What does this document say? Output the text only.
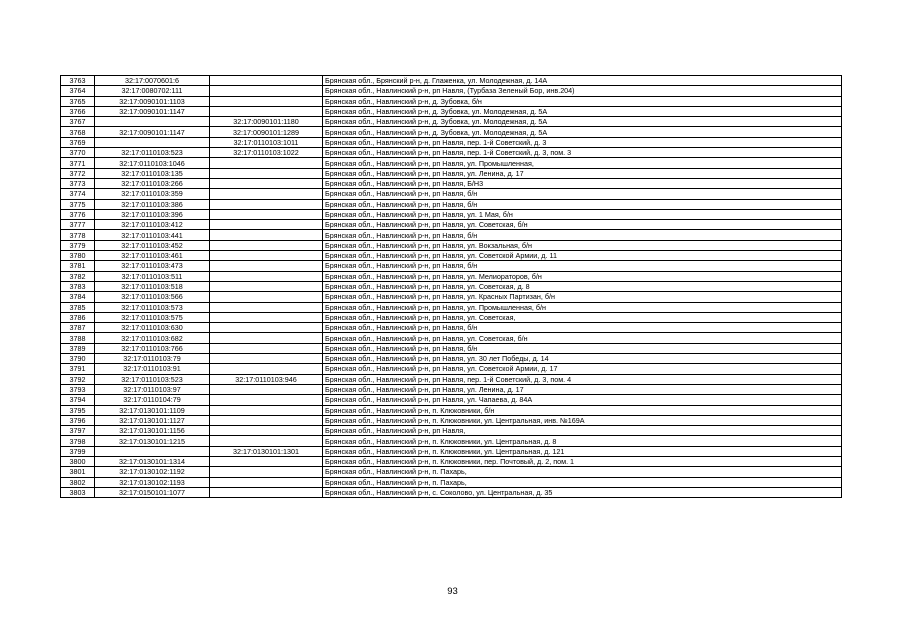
3763	32:17:0070601:6		Брянская обл., Брянский р-н, д. Глаженка, ул. Молодежная, д. 14А
3764	32:17:0080702:111		Брянская обл., Навлинский р-н, рп Навля, (Турбаза Зеленый Бор, инв.204)
3765	32:17:0090101:1103		Брянская обл., Навлинский р-н, д. Зубовка, б/н
3766	32:17:0090101:1147		Брянская обл., Навлинский р-н, д. Зубовка, ул. Молодежная, д. 5А
3767		32:17:0090101:1180	Брянская обл., Навлинский р-н, д. Зубовка, ул. Молодежная, д. 5А
3768	32:17:0090101:1147	32:17:0090101:1289	Брянская обл., Навлинский р-н, д. Зубовка, ул. Молодежная, д. 5А
3769		32:17:0110103:1011	Брянская обл., Навлинский р-н, рп Навля, пер. 1-й Советский, д. 3
3770	32:17:0110103:523	32:17:0110103:1022	Брянская обл., Навлинский р-н, рп Навля, пер. 1-й Советский, д. 3, пом. 3
3771	32:17:0110103:1046		Брянская обл., Навлинский р-н, рп Навля, ул. Промышленная,
3772	32:17:0110103:135		Брянская обл., Навлинский р-н, рп Навля, ул. Ленина, д. 17
3773	32:17:0110103:266		Брянская обл., Навлинский р-н, рп Навля, Б/Н3
3774	32:17:0110103:359		Брянская обл., Навлинский р-н, рп Навля, б/н
3775	32:17:0110103:386		Брянская обл., Навлинский р-н, рп Навля, б/н
3776	32:17:0110103:396		Брянская обл., Навлинский р-н, рп Навля, ул. 1 Мая, б/н
3777	32:17:0110103:412		Брянская обл., Навлинский р-н, рп Навля, ул. Советская, б/н
3778	32:17:0110103:441		Брянская обл., Навлинский р-н, рп Навля, б/н
3779	32:17:0110103:452		Брянская обл., Навлинский р-н, рп Навля, ул. Вокзальная, б/н
3780	32:17:0110103:461		Брянская обл., Навлинский р-н, рп Навля, ул. Советской Армии, д. 11
3781	32:17:0110103:473		Брянская обл., Навлинский р-н, рп Навля, б/н
3782	32:17:0110103:511		Брянская обл., Навлинский р-н, рп Навля, ул. Мелиораторов, б/н
3783	32:17:0110103:518		Брянская обл., Навлинский р-н, рп Навля, ул. Советская, д. 8
3784	32:17:0110103:566		Брянская обл., Навлинский р-н, рп Навля, ул. Красных Партизан, б/н
3785	32:17:0110103:573		Брянская обл., Навлинский р-н, рп Навля, ул. Промышленная, б/н
3786	32:17:0110103:575		Брянская обл., Навлинский р-н, рп Навля, ул. Советская,
3787	32:17:0110103:630		Брянская обл., Навлинский р-н, рп Навля, б/н
3788	32:17:0110103:682		Брянская обл., Навлинский р-н, рп Навля, ул. Советская, б/н
3789	32:17:0110103:766		Брянская обл., Навлинский р-н, рп Навля, б/н
3790	32:17:0110103:79		Брянская обл., Навлинский р-н, рп Навля, ул. 30 лет Победы, д. 14
3791	32:17:0110103:91		Брянская обл., Навлинский р-н, рп Навля, ул. Советской Армии, д. 17
3792	32:17:0110103:523	32:17:0110103:946	Брянская обл., Навлинский р-н, рп Навля, пер. 1-й Советский, д. 3, пом. 4
3793	32:17:0110103:97		Брянская обл., Навлинский р-н, рп Навля, ул. Ленина, д. 17
3794	32:17:0110104:79		Брянская обл., Навлинский р-н, рп Навля, ул. Чапаева, д. 84А
3795	32:17:0130101:1109		Брянская обл., Навлинский р-н, п. Клюковники, б/н
3796	32:17:0130101:1127		Брянская обл., Навлинский р-н, п. Клюковники, ул. Центральная, инв. №169А
3797	32:17:0130101:1156		Брянская обл., Навлинский р-н, рп Навля,
3798	32:17:0130101:1215		Брянская обл., Навлинский р-н, п. Клюковники, ул. Центральная, д. 8
3799		32:17:0130101:1301	Брянская обл., Навлинский р-н, п. Клюковники, ул. Центральная, д. 121
3800	32:17:0130101:1314		Брянская обл., Навлинский р-н, п. Клюковники, пер. Почтовый, д. 2, пом. 1
3801	32:17:0130102:1192		Брянская обл., Навлинский р-н, п. Пахарь,
3802	32:17:0130102:1193		Брянская обл., Навлинский р-н, п. Пахарь,
3803	32:17:0150101:1077		Брянская обл., Навлинский р-н, с. Соколово, ул. Центральная, д. 35
93
